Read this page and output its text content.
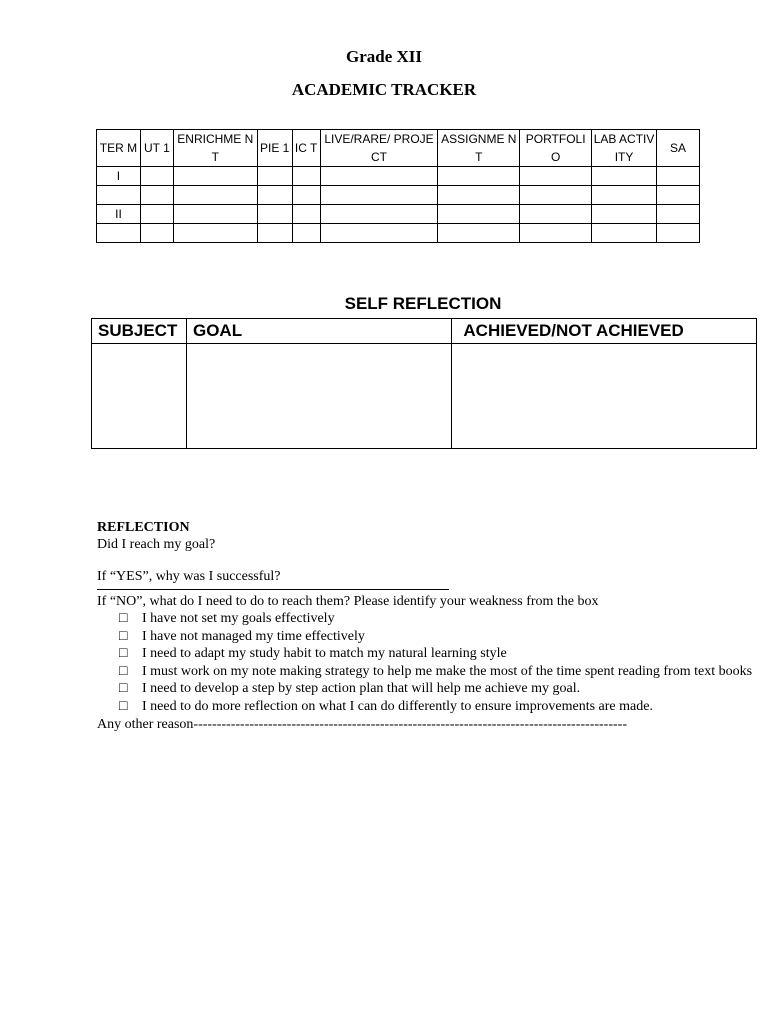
Grade XII
ACADEMIC TRACKER
TER M	UT 1	ENRICHME NT	PIE 1	IC T	LIVE/RARE/ PROJECT	ASSIGNME NT	PORTFOLI O	LAB ACTIVITY	SA
I									

II									

SELF REFLECTION
SUBJECT	GOAL	ACHIEVED/NOT ACHIEVED

REFLECTION
Did I reach my goal?
If “YES”, why was I successful?
If “NO”, what do I need to do to reach them? Please identify your weakness from the box
□ I have not set my goals effectively
□ I have not managed my time effectively
□ I need to adapt my study habit to match my natural learning style
□ I must work on my note making strategy to help me make the most of the time spent reading from text books
□ I need to develop a step by step action plan that will help me achieve my goal.
□ I need to do more reflection on what I can do differently to ensure improvements are made.
Any other reason---------------------------------------------------------------------------------------------
